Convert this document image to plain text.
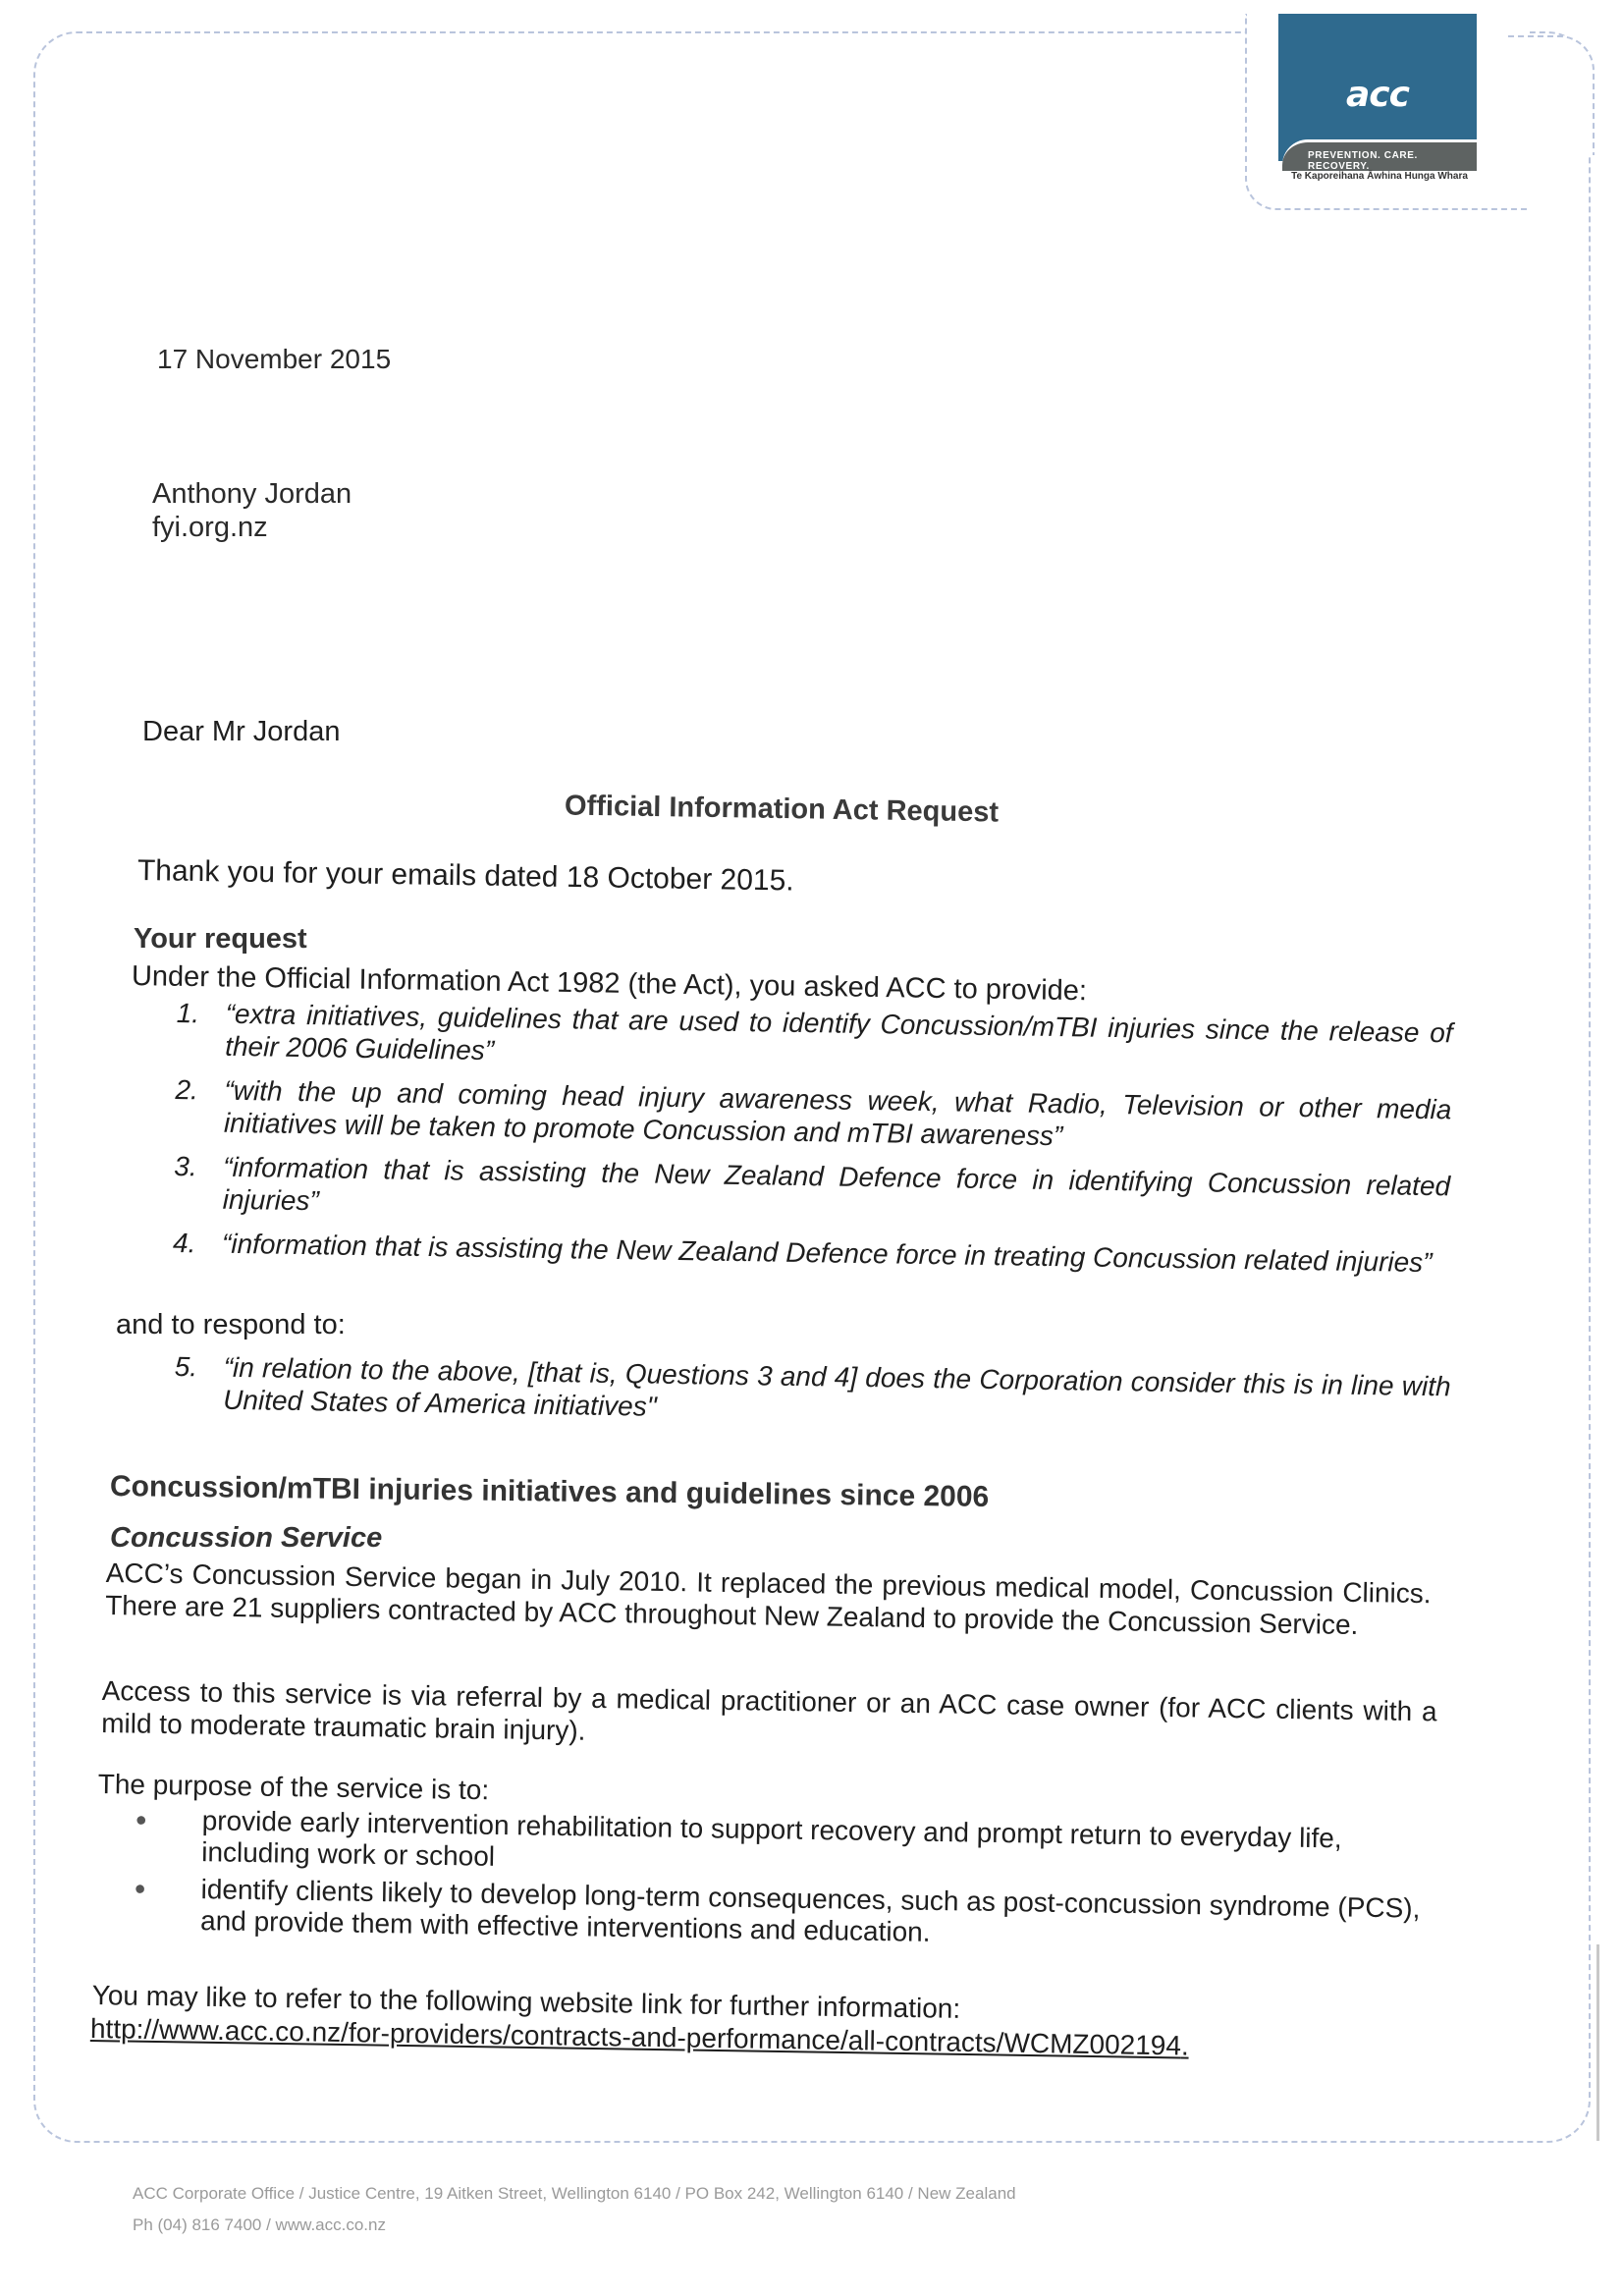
acc
PREVENTION. CARE. RECOVERY.
Te Kaporeihana Āwhina Hunga Whara
17 November 2015
Anthony Jordan
fyi.org.nz
Dear Mr Jordan
Official Information Act Request
Thank you for your emails dated 18 October 2015.
Your request
Under the Official Information Act 1982 (the Act), you asked ACC to provide:
1. “extra initiatives, guidelines that are used to identify Concussion/mTBI injuries since the release of their 2006 Guidelines”
2. “with the up and coming head injury awareness week, what Radio, Television or other media initiatives will be taken to promote Concussion and mTBI awareness”
3. “information that is assisting the New Zealand Defence force in identifying Concussion related injuries”
4. “information that is assisting the New Zealand Defence force in treating Concussion related injuries”
and to respond to:
5. “in relation to the above, [that is, Questions 3 and 4] does the Corporation consider this is in line with United States of America initiatives"
Concussion/mTBI injuries initiatives and guidelines since 2006
Concussion Service
ACC’s Concussion Service began in July 2010. It replaced the previous medical model, Concussion Clinics. There are 21 suppliers contracted by ACC throughout New Zealand to provide the Concussion Service.
Access to this service is via referral by a medical practitioner or an ACC case owner (for ACC clients with a mild to moderate traumatic brain injury).
The purpose of the service is to:
●	provide early intervention rehabilitation to support recovery and prompt return to everyday life, including work or school
●	identify clients likely to develop long-term consequences, such as post-concussion syndrome (PCS), and provide them with effective interventions and education.
You may like to refer to the following website link for further information:
http://www.acc.co.nz/for-providers/contracts-and-performance/all-contracts/WCMZ002194.
ACC Corporate Office / Justice Centre, 19 Aitken Street, Wellington 6140 / PO Box 242, Wellington 6140 / New Zealand
Ph (04) 816 7400 / www.acc.co.nz
